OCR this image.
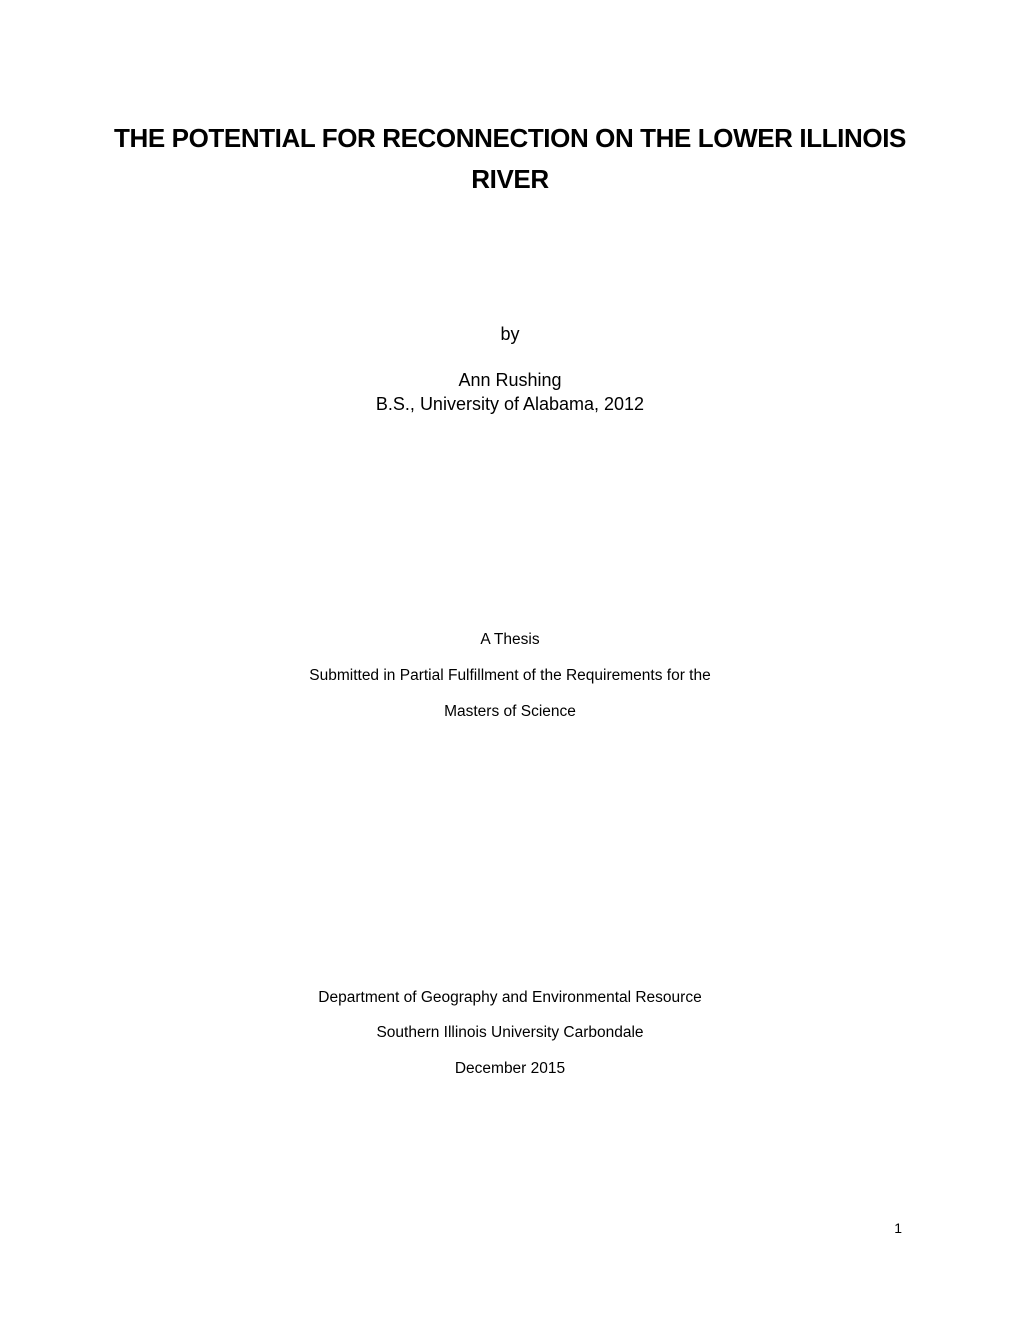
THE POTENTIAL FOR RECONNECTION ON THE LOWER ILLINOIS
RIVER
by
Ann Rushing
B.S., University of Alabama, 2012
A Thesis
Submitted in Partial Fulfillment of the Requirements for the
Masters of Science
Department of Geography and Environmental Resource
Southern Illinois University Carbondale
December 2015
1
